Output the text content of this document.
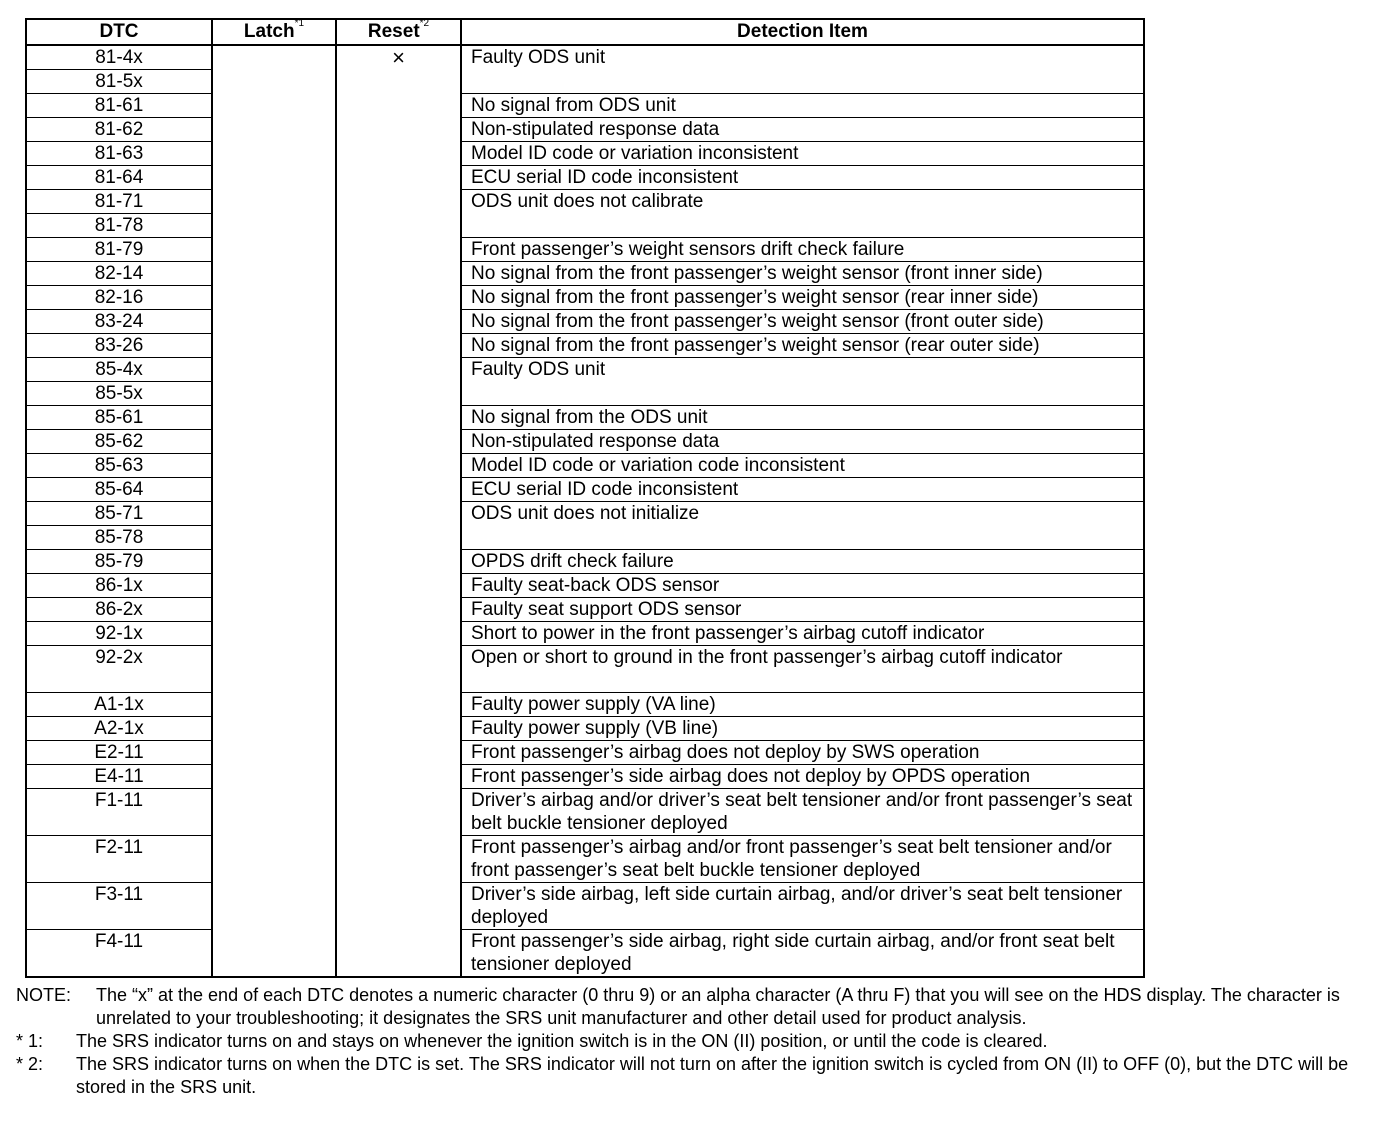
DTC	Latch$^{*1}$	Reset$^{*2}$	Detection Item
81-4x		×	Faulty ODS unit
81-5x			
81-61			No signal from ODS unit
81-62			Non-stipulated response data
81-63			Model ID code or variation inconsistent
81-64			ECU serial ID code inconsistent
81-71			ODS unit does not calibrate
81-78			
81-79			Front passenger’s weight sensors drift check failure
82-14			No signal from the front passenger’s weight sensor (front inner side)
82-16			No signal from the front passenger’s weight sensor (rear inner side)
83-24			No signal from the front passenger’s weight sensor (front outer side)
83-26			No signal from the front passenger’s weight sensor (rear outer side)
85-4x			Faulty ODS unit
85-5x			
85-61			No signal from the ODS unit
85-62			Non-stipulated response data
85-63			Model ID code or variation code inconsistent
85-64			ECU serial ID code inconsistent
85-71			ODS unit does not initialize
85-78			
85-79			OPDS drift check failure
86-1x			Faulty seat-back ODS sensor
86-2x			Faulty seat support ODS sensor
92-1x			Short to power in the front passenger’s airbag cutoff indicator
92-2x			Open or short to ground in the front passenger’s airbag cutoff indicator
A1-1x			Faulty power supply (VA line)
A2-1x			Faulty power supply (VB line)
E2-11			Front passenger’s airbag does not deploy by SWS operation
E4-11			Front passenger’s side airbag does not deploy by OPDS operation
F1-11			Driver’s airbag and/or driver’s seat belt tensioner and/or front passenger’s seat belt buckle tensioner deployed
F2-11			Front passenger’s airbag and/or front passenger’s seat belt tensioner and/or front passenger’s seat belt buckle tensioner deployed
F3-11			Driver’s side airbag, left side curtain airbag, and/or driver’s seat belt tensioner deployed
F4-11			Front passenger’s side airbag, right side curtain airbag, and/or front seat belt tensioner deployed
NOTE:	The “x” at the end of each DTC denotes a numeric character (0 thru 9) or an alpha character (A thru F) that you will see on the HDS display. The character is unrelated to your troubleshooting; it designates the SRS unit manufacturer and other detail used for product analysis.
* 1:	The SRS indicator turns on and stays on whenever the ignition switch is in the ON (II) position, or until the code is cleared.
* 2:	The SRS indicator turns on when the DTC is set. The SRS indicator will not turn on after the ignition switch is cycled from ON (II) to OFF (0), but the DTC will be stored in the SRS unit.
